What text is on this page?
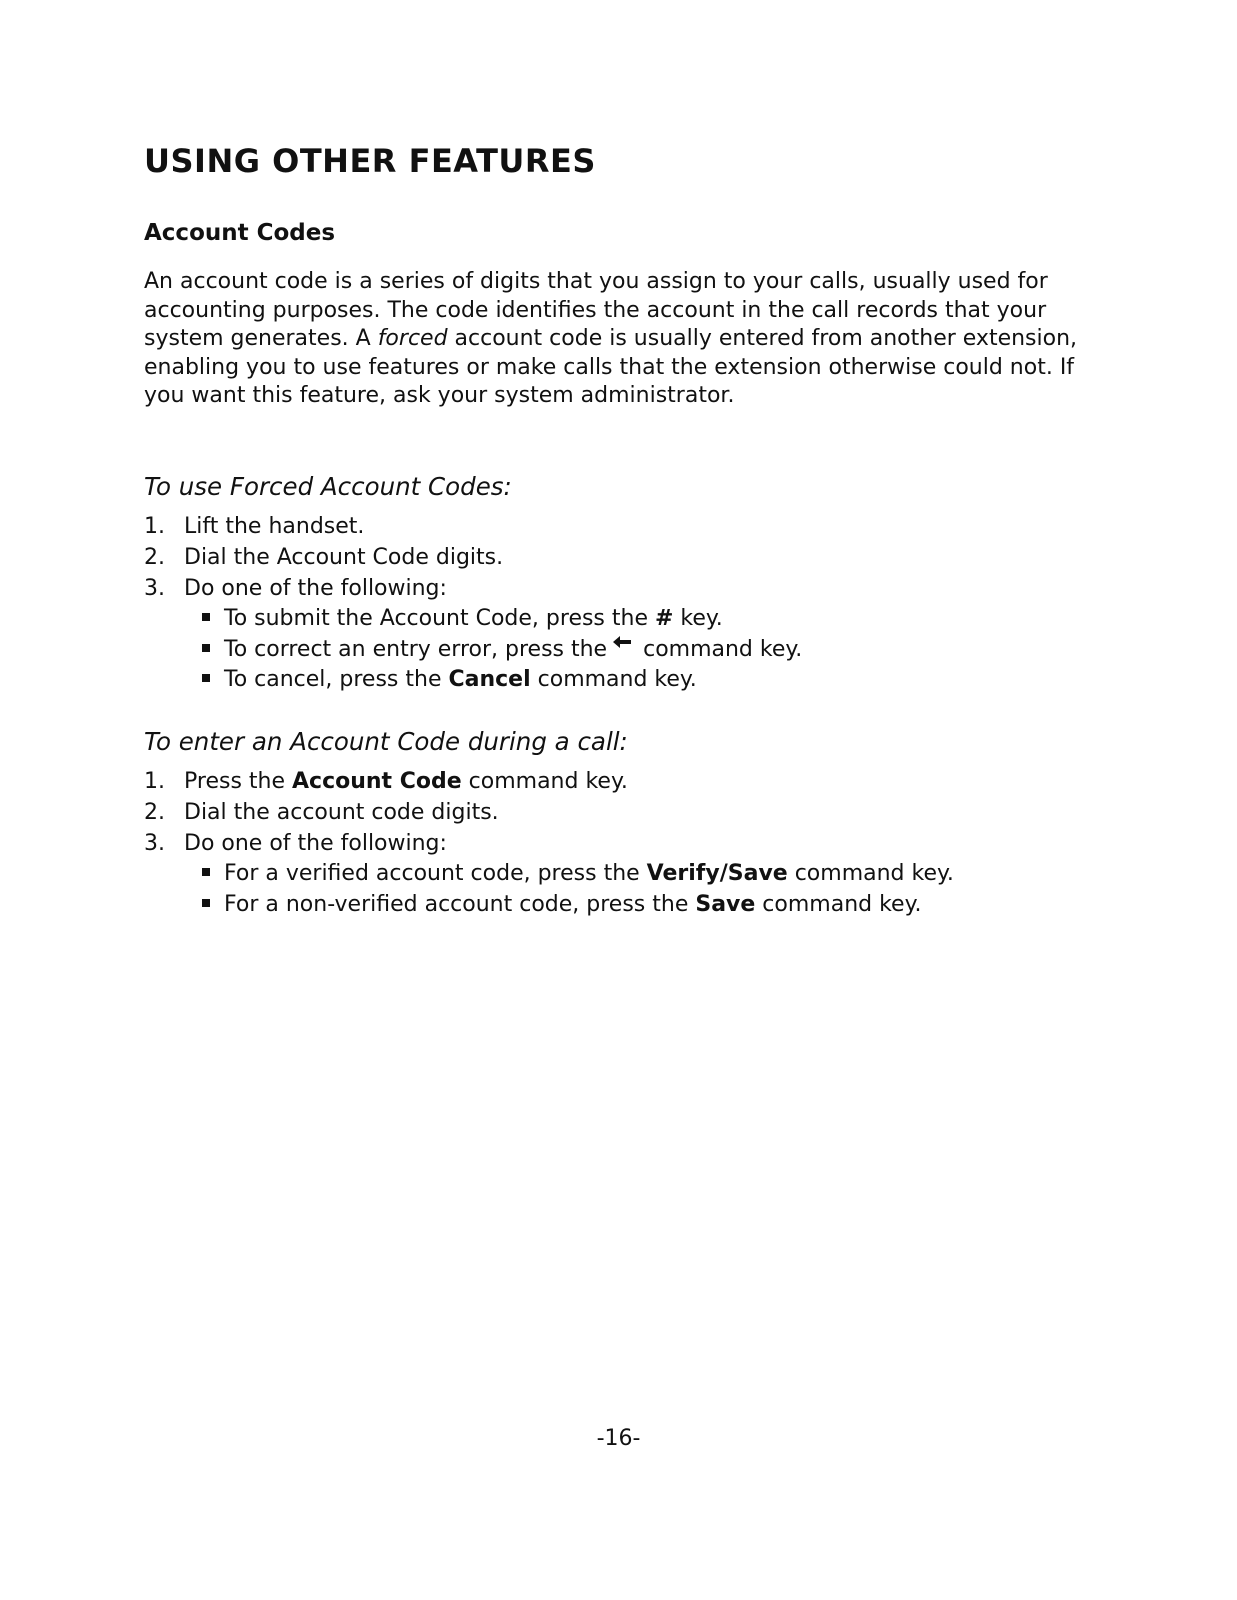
USING OTHER FEATURES
Account Codes

An account code is a series of digits that you assign to your calls, usually used for accounting purposes. The code identifies the account in the call records that your system generates. A forced account code is usually entered from another extension, enabling you to use features or make calls that the extension otherwise could not. If you want this feature, ask your system administrator.

To use Forced Account Codes:
1. Lift the handset.
2. Dial the Account Code digits.
3. Do one of the following:
To submit the Account Code, press the # key.
To correct an entry error, press the command key.
To cancel, press the Cancel command key.
To enter an Account Code during a call:
1. Press the Account Code command key.
2. Dial the account code digits.
3. Do one of the following:
For a verified account code, press the Verify/Save command key.
For a non-verified account code, press the Save command key.
-16-
